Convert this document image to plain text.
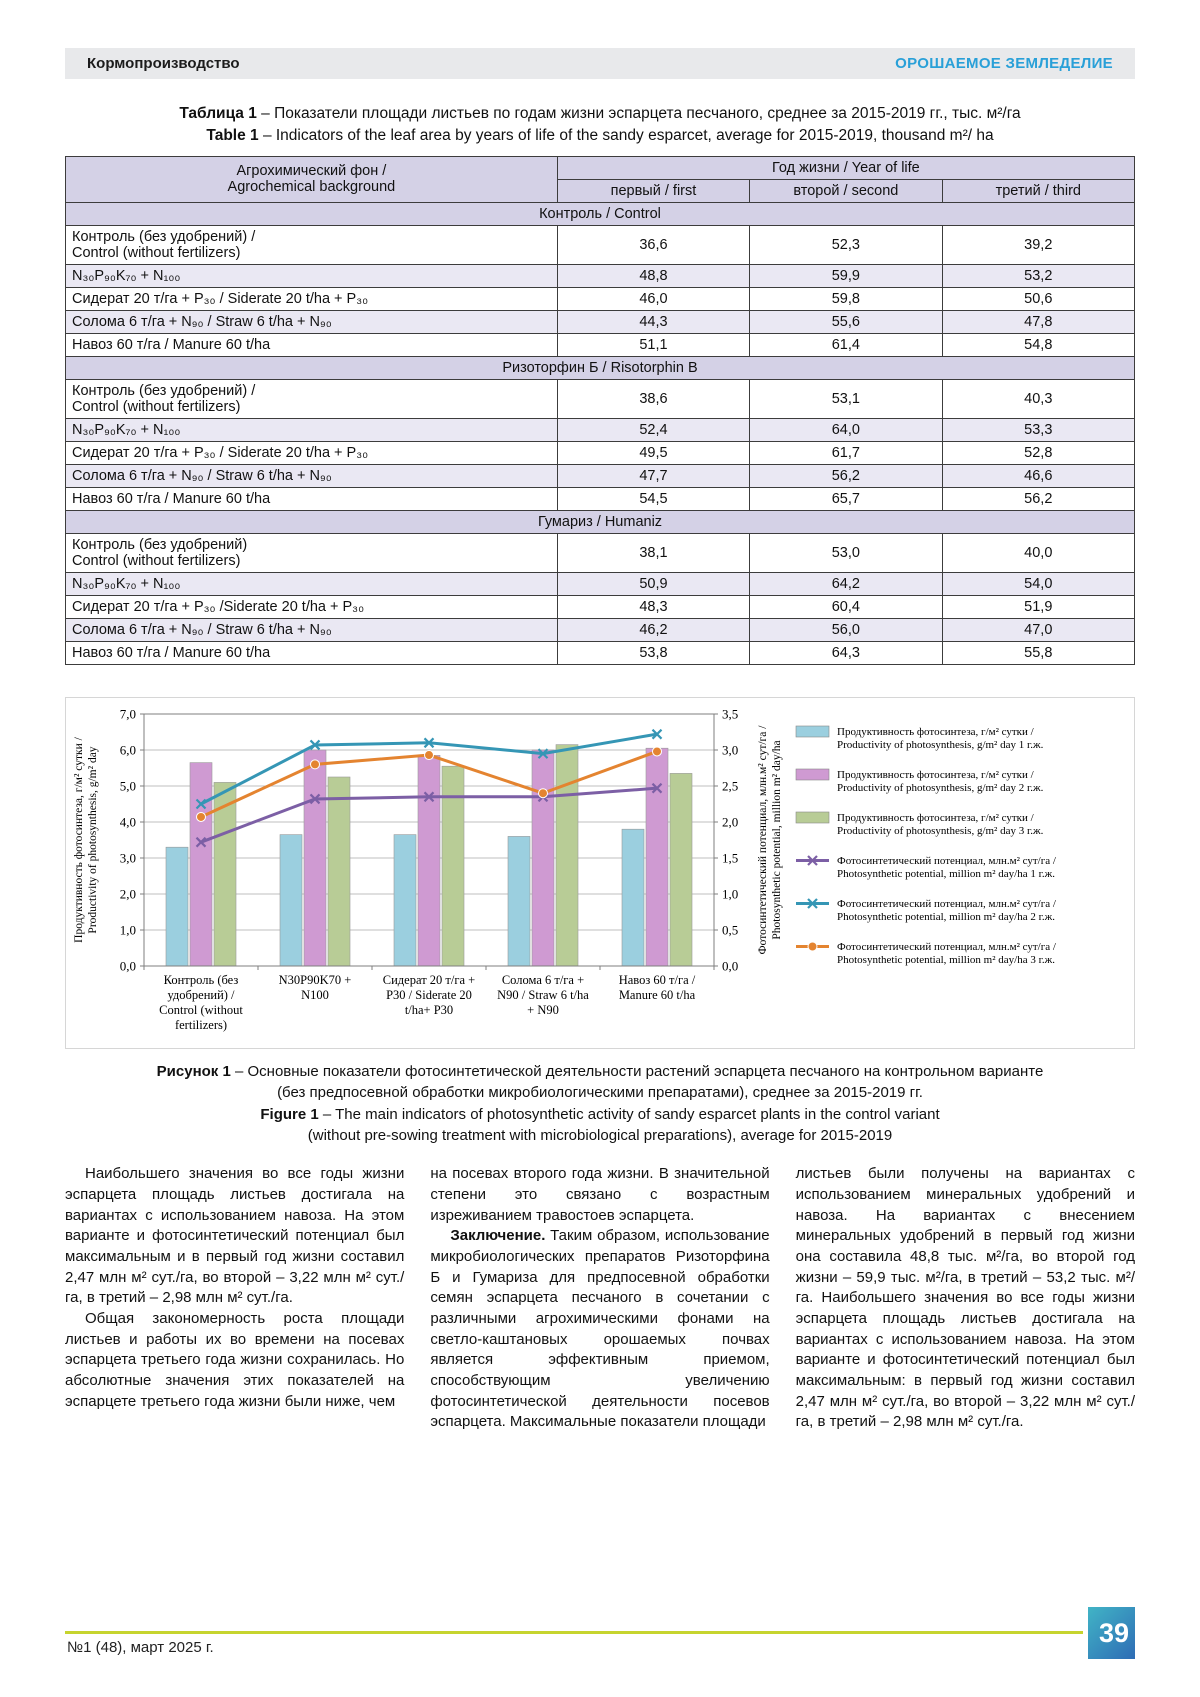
Кормопроизводство	ОРОШАЕМОЕ ЗЕМЛЕДЕЛИЕ
Таблица 1 – Показатели площади листьев по годам жизни эспарцета песчаного, среднее за 2015-2019 гг., тыс. м²/га
Table 1 – Indicators of the leaf area by years of life of the sandy esparcet, average for 2015-2019, thousand m²/ ha
Агрохимический фон /
Agrochemical background	Год жизни / Year of life		
	первый / first	второй / second	третий / third
Контроль / Control			
Контроль (без удобрений) /
Control (without fertilizers)	36,6	52,3	39,2
N₃₀P₉₀K₇₀ + N₁₀₀	48,8	59,9	53,2
Сидерат 20 т/га + Р₃₀ / Siderate 20 t/ha + Р₃₀	46,0	59,8	50,6
Солома 6 т/га + N₉₀ / Straw 6 t/ha + N₉₀	44,3	55,6	47,8
Навоз 60 т/га / Manure 60 t/ha	51,1	61,4	54,8
Ризоторфин Б / Risotorphin B			
Контроль (без удобрений) /
Control (without fertilizers)	38,6	53,1	40,3
N₃₀P₉₀K₇₀ + N₁₀₀	52,4	64,0	53,3
Сидерат 20 т/га + Р₃₀ / Siderate 20 t/ha + Р₃₀	49,5	61,7	52,8
Солома 6 т/га + N₉₀ / Straw 6 t/ha + N₉₀	47,7	56,2	46,6
Навоз 60 т/га / Manure 60 t/ha	54,5	65,7	56,2
Гумариз / Humaniz			
Контроль (без удобрений)
Control (without fertilizers)	38,1	53,0	40,0
N₃₀P₉₀K₇₀ + N₁₀₀	50,9	64,2	54,0
Сидерат 20 т/га + Р₃₀ /Siderate 20 t/ha + Р₃₀	48,3	60,4	51,9
Солома 6 т/га + N₉₀ / Straw 6 t/ha + N₉₀	46,2	56,0	47,0
Навоз 60 т/га / Manure 60 t/ha	53,8	64,3	55,8
0,0
1,0
2,0
3,0
4,0
5,0
6,0
7,0
0,0
0,5
1,0
1,5
2,0
2,5
3,0
3,5
Контроль (без
удобрений) /
Control (without
fertilizers)
N30P90K70 +
N100
Сидерат 20 т/га +
Р30 / Siderate 20
t/ha+ Р30
Солома 6 т/га +
N90 / Straw 6 t/ha
+ N90
Навоз 60 т/га /
Manure 60 t/ha
Продуктивность фотосинтеза, г/м² сутки / Productivity of photosynthesis, g/m² day	Фотосинтетический потенциал, млн.м² сут/га / Photosynthetic potential, million m² day/ha
Продуктивность фотосинтеза, г/м² сутки /
Productivity of photosynthesis, g/m² day 1 г.ж.
Продуктивность фотосинтеза, г/м² сутки /
Productivity of photosynthesis, g/m² day 2 г.ж.
Продуктивность фотосинтеза, г/м² сутки /
Productivity of photosynthesis, g/m² day 3 г.ж.
Фотосинтетический потенциал, млн.м² сут/га /
Photosynthetic potential, million m² day/ha 1 г.ж.
Фотосинтетический потенциал, млн.м² сут/га /
Photosynthetic potential, million m² day/ha 2 г.ж.
Фотосинтетический потенциал, млн.м² сут/га /
Photosynthetic potential, million m² day/ha 3 г.ж.
Рисунок 1 – Основные показатели фотосинтетической деятельности растений эспарцета песчаного на контрольном варианте
(без предпосевной обработки микробиологическими препаратами), среднее за 2015-2019 гг.
Figure 1 – The main indicators of photosynthetic activity of sandy esparcet plants in the control variant
(without pre-sowing treatment with microbiological preparations), average for 2015-2019

Наибольшего значения во все годы жизни эспарцета площадь листьев достигала на вариантах с использованием навоза. На этом варианте и фотосинтетический потенциал был максимальным и в первый год жизни составил 2,47 млн м² сут./га, во второй – 3,22 млн м² сут./га, в третий – 2,98 млн м² сут./га.

Общая закономерность роста площади листьев и работы их во времени на посевах эспарцета третьего года жизни сохранилась. Но абсолютные значения этих показателей на эспарцете третьего года жизни были ниже, чем

на посевах второго года жизни. В значительной степени это связано с возрастным изреживанием травостоев эспарцета.

Заключение. Таким образом, использование микробиологических препаратов Ризоторфина Б и Гумариза для предпосевной обработки семян эспарцета песчаного в сочетании с различными агрохимическими фонами на светло-каштановых орошаемых почвах является эффективным приемом, способствующим увеличению фотосинтетической деятельности посевов эспарцета. Максимальные показатели площади

листьев были получены на вариантах с использованием минеральных удобрений и навоза. На вариантах с внесением минеральных удобрений в первый год жизни она составила 48,8 тыс. м²/га, во второй год жизни – 59,9 тыс. м²/га, в третий – 53,2 тыс. м²/га. Наибольшего значения во все годы жизни эспарцета площадь листьев достигала на вариантах с использованием навоза. На этом варианте и фотосинтетический потенциал был максимальным: в первый год жизни составил 2,47 млн м² сут./га, во второй – 3,22 млн м² сут./га, в третий – 2,98 млн м² сут./га.

№1 (48), март 2025 г.	39
